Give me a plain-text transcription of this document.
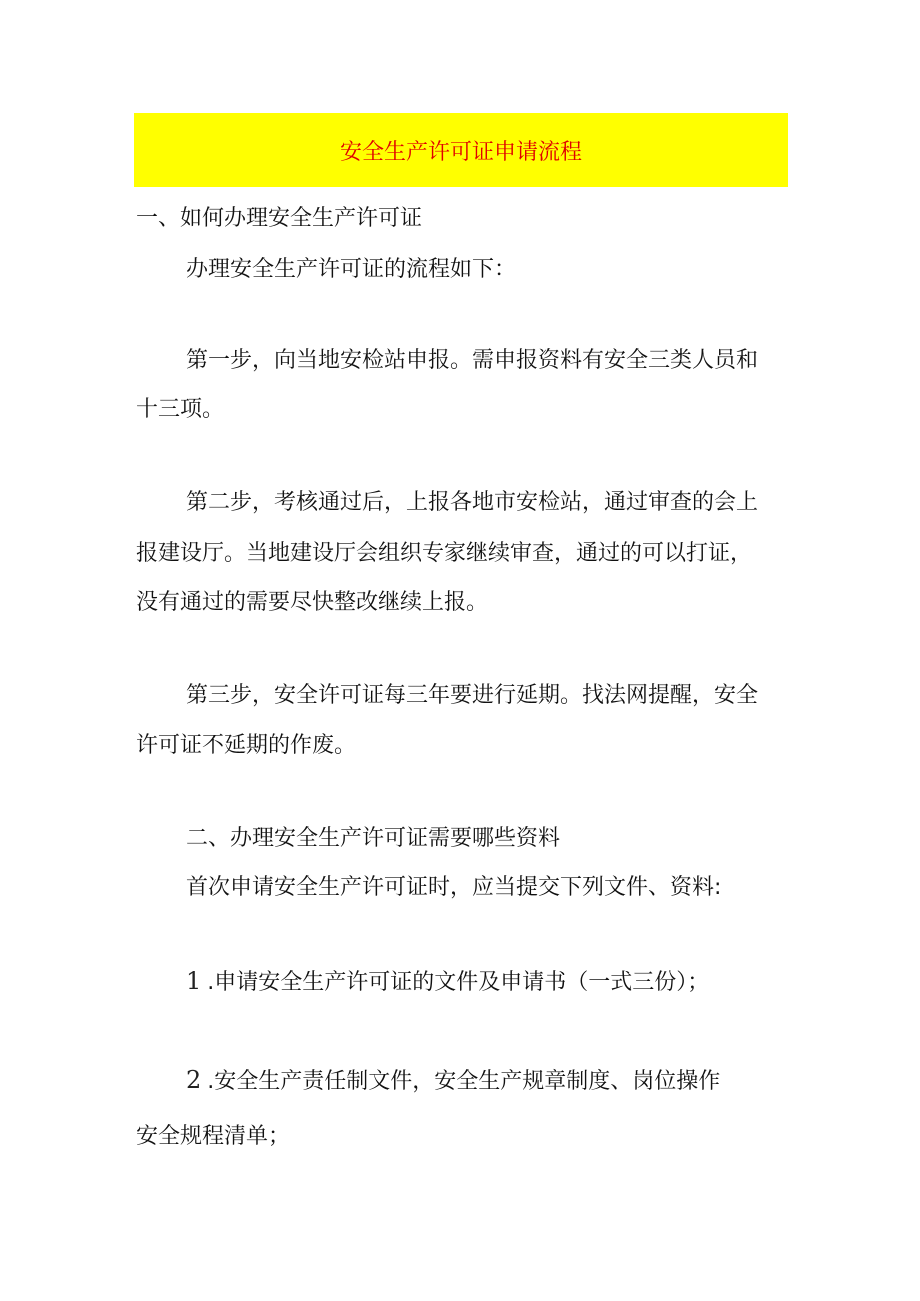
安全生产许可证申请流程
一、如何办理安全生产许可证
办理安全生产许可证的流程如下：
第一步，向当地安检站申报。需申报资料有安全三类人员和
十三项。
第二步，考核通过后，上报各地市安检站，通过审查的会上
报建设厅。当地建设厅会组织专家继续审查，通过的可以打证，
没有通过的需要尽快整改继续上报。
第三步，安全许可证每三年要进行延期。找法网提醒，安全
许可证不延期的作废。
二、办理安全生产许可证需要哪些资料
首次申请安全生产许可证时，应当提交下列文件、资料:
1 .申请安全生产许可证的文件及申请书（一式三份）；
2 .安全生产责任制文件，安全生产规章制度、岗位操作
安全规程清单；
